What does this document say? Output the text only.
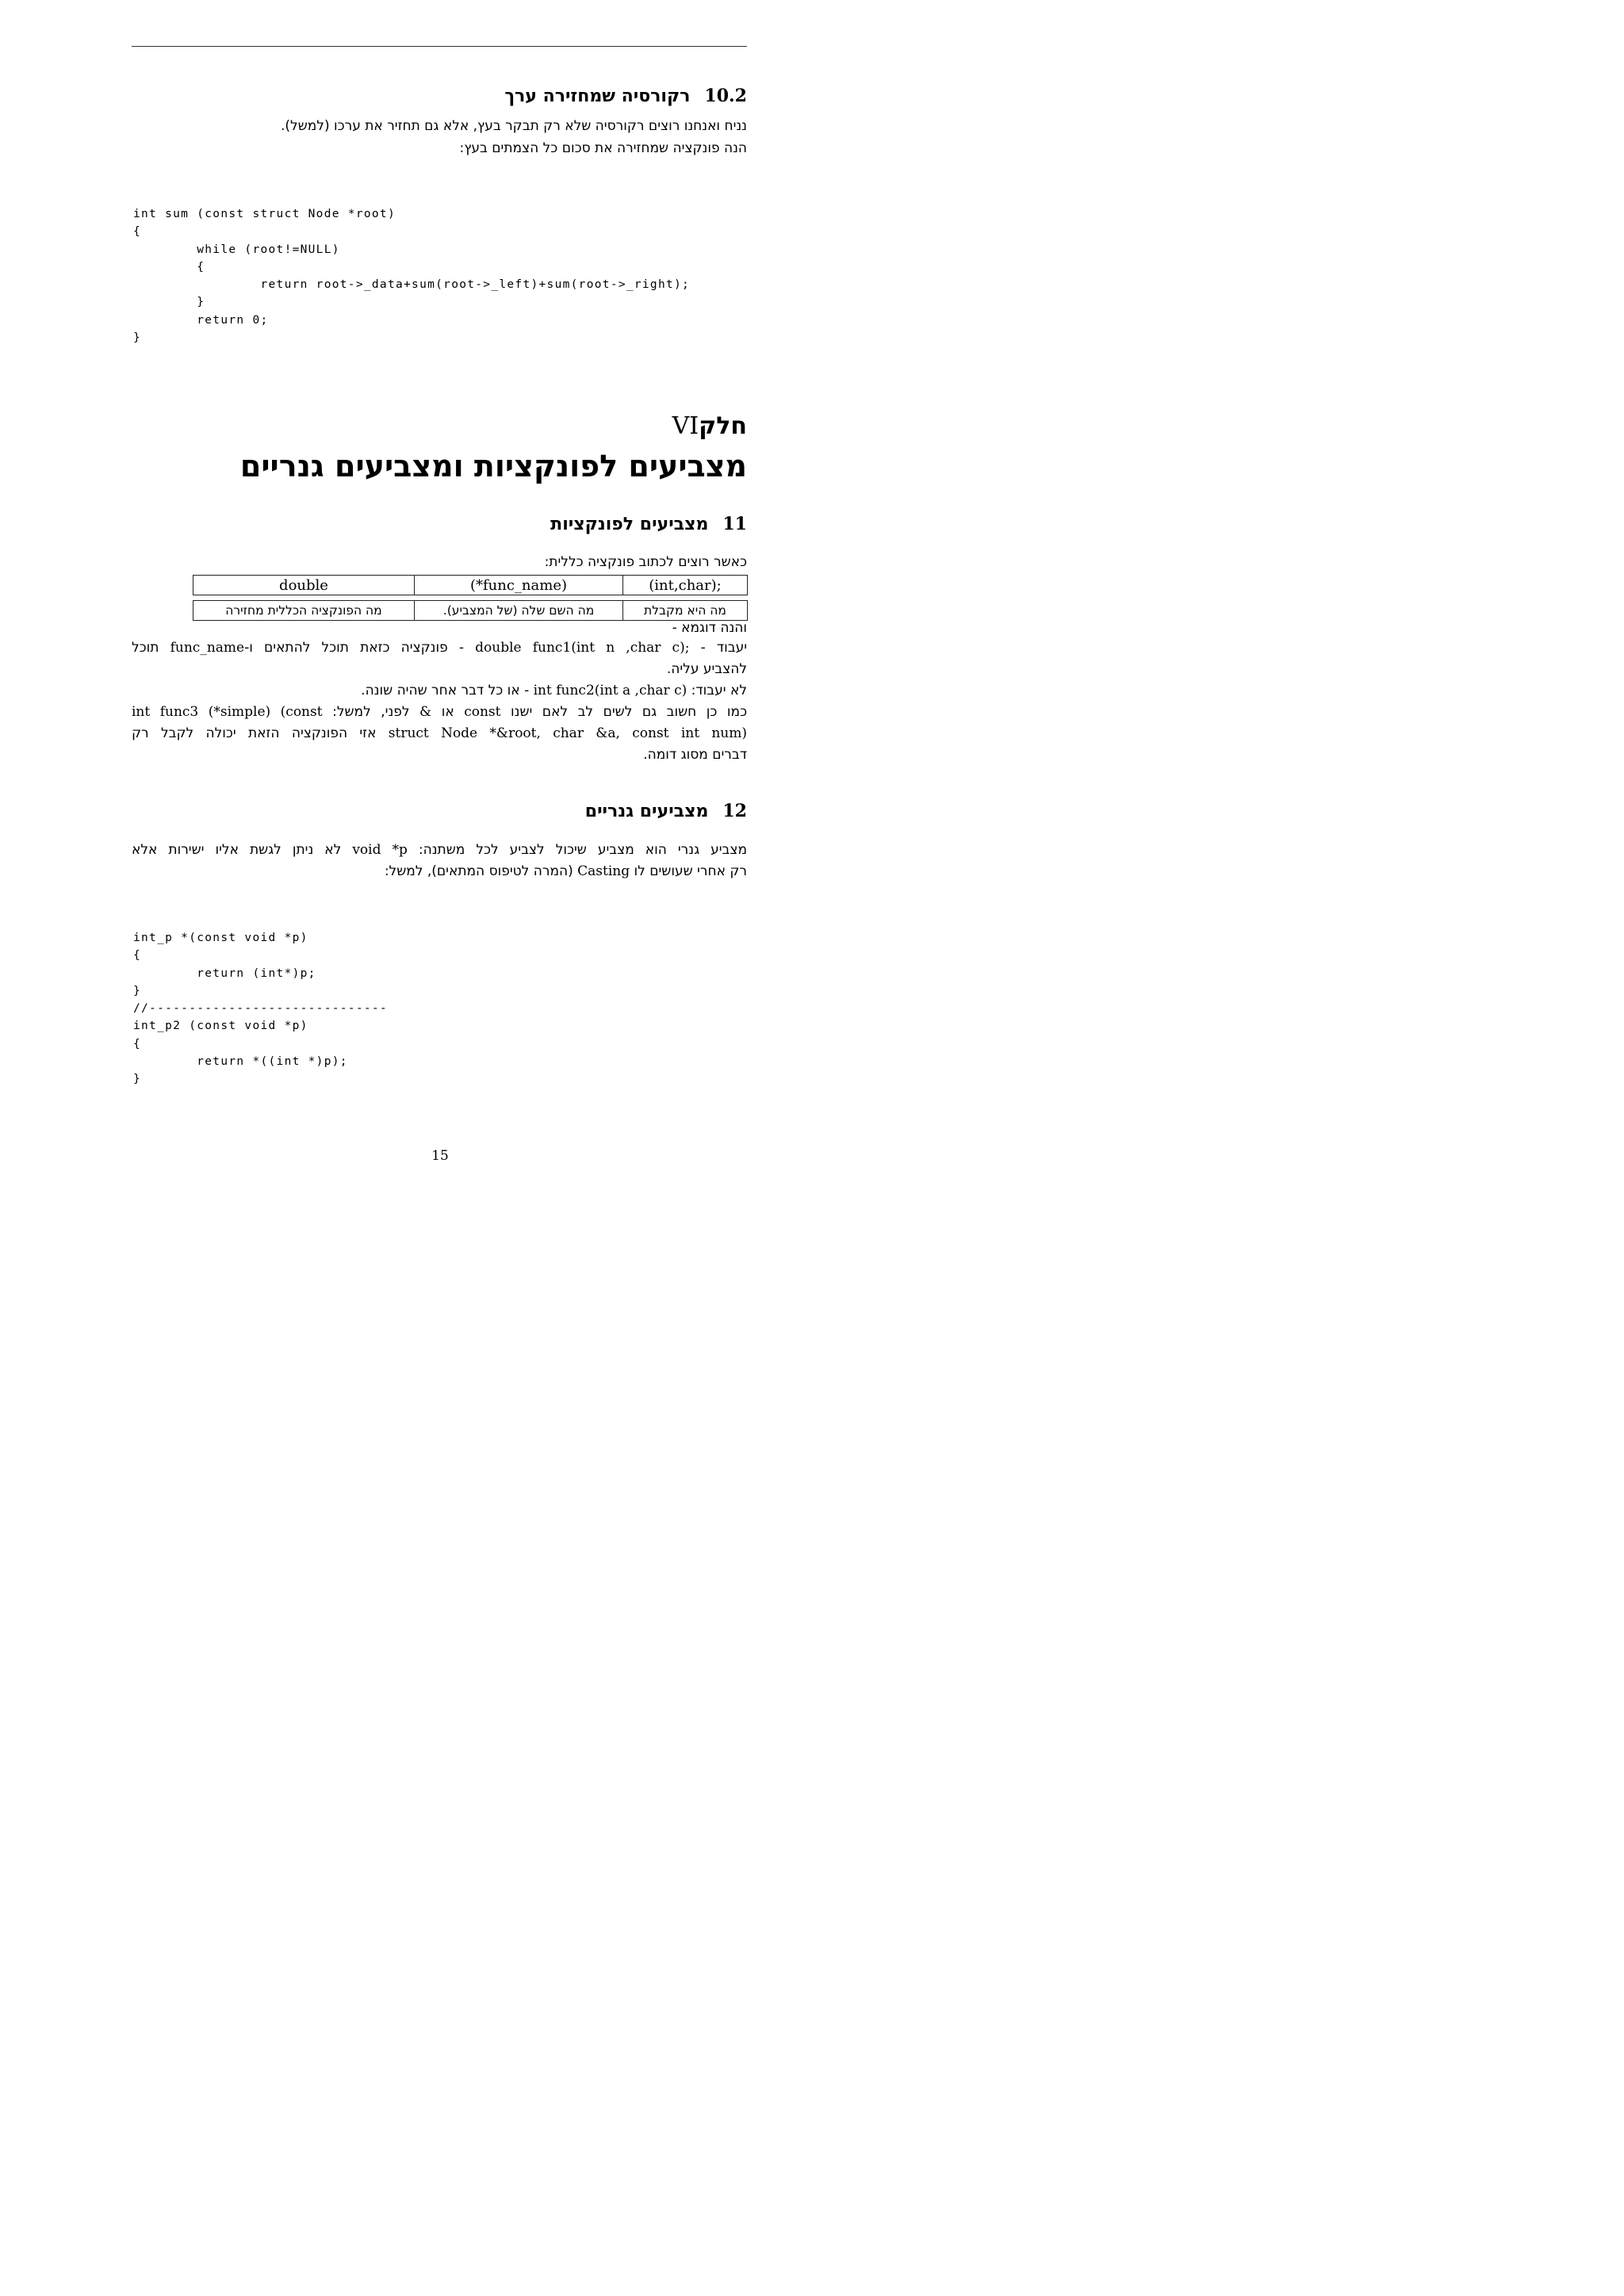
10.2רקורסיה שמחזירה ערך
נניח ואנחנו רוצים רקורסיה שלא רק תבקר בעץ, אלא גם תחזיר את ערכו (למשל).
הנה פונקציה שמחזירה את סכום כל הצמתים בעץ:
int sum (const struct Node *root)
{
while (root!=NULL)
{
return root->_data+sum(root->_left)+sum(root->_right);
}
return 0;
}
VIחלק
מצביעים לפונקציות ומצביעים גנריים
11מצביעים לפונקציות
כאשר רוצים לכתוב פונקציה כללית:
double	(*func_name)	(int,char);
מה הפונקציה הכללית מחזירה	מה השם שלה (של המצביע).	מה היא מקבלת
והנה דוגמא -
יעבוד - double func1(int n ,char c); - פונקציה כזאת תוכל להתאים ו-func_name תוכל
להצביע עליה.
לא יעבוד: int func2(int a ,char c) - או כל דבר אחר שהיה שונה.
כמו כן חשוב גם לשים לב לאם ישנו const או & לפני, למשל: int func3 (*simple) (const
struct Node *&root, char &a, const int num) אזי הפונקציה הזאת יכולה לקבל רק
דברים מסוג דומה.
12מצביעים גנריים
מצביע גנרי הוא מצביע שיכול לצביע לכל משתנה: void *p לא ניתן לגשת אליו ישירות אלא
רק אחרי שעושים לו Casting (המרה לטיפוס המתאים), למשל:
int_p *(const void *p)
{
return (int*)p;
}
//------------------------------
int_p2 (const void *p)
{
return *((int *)p);
}
15
